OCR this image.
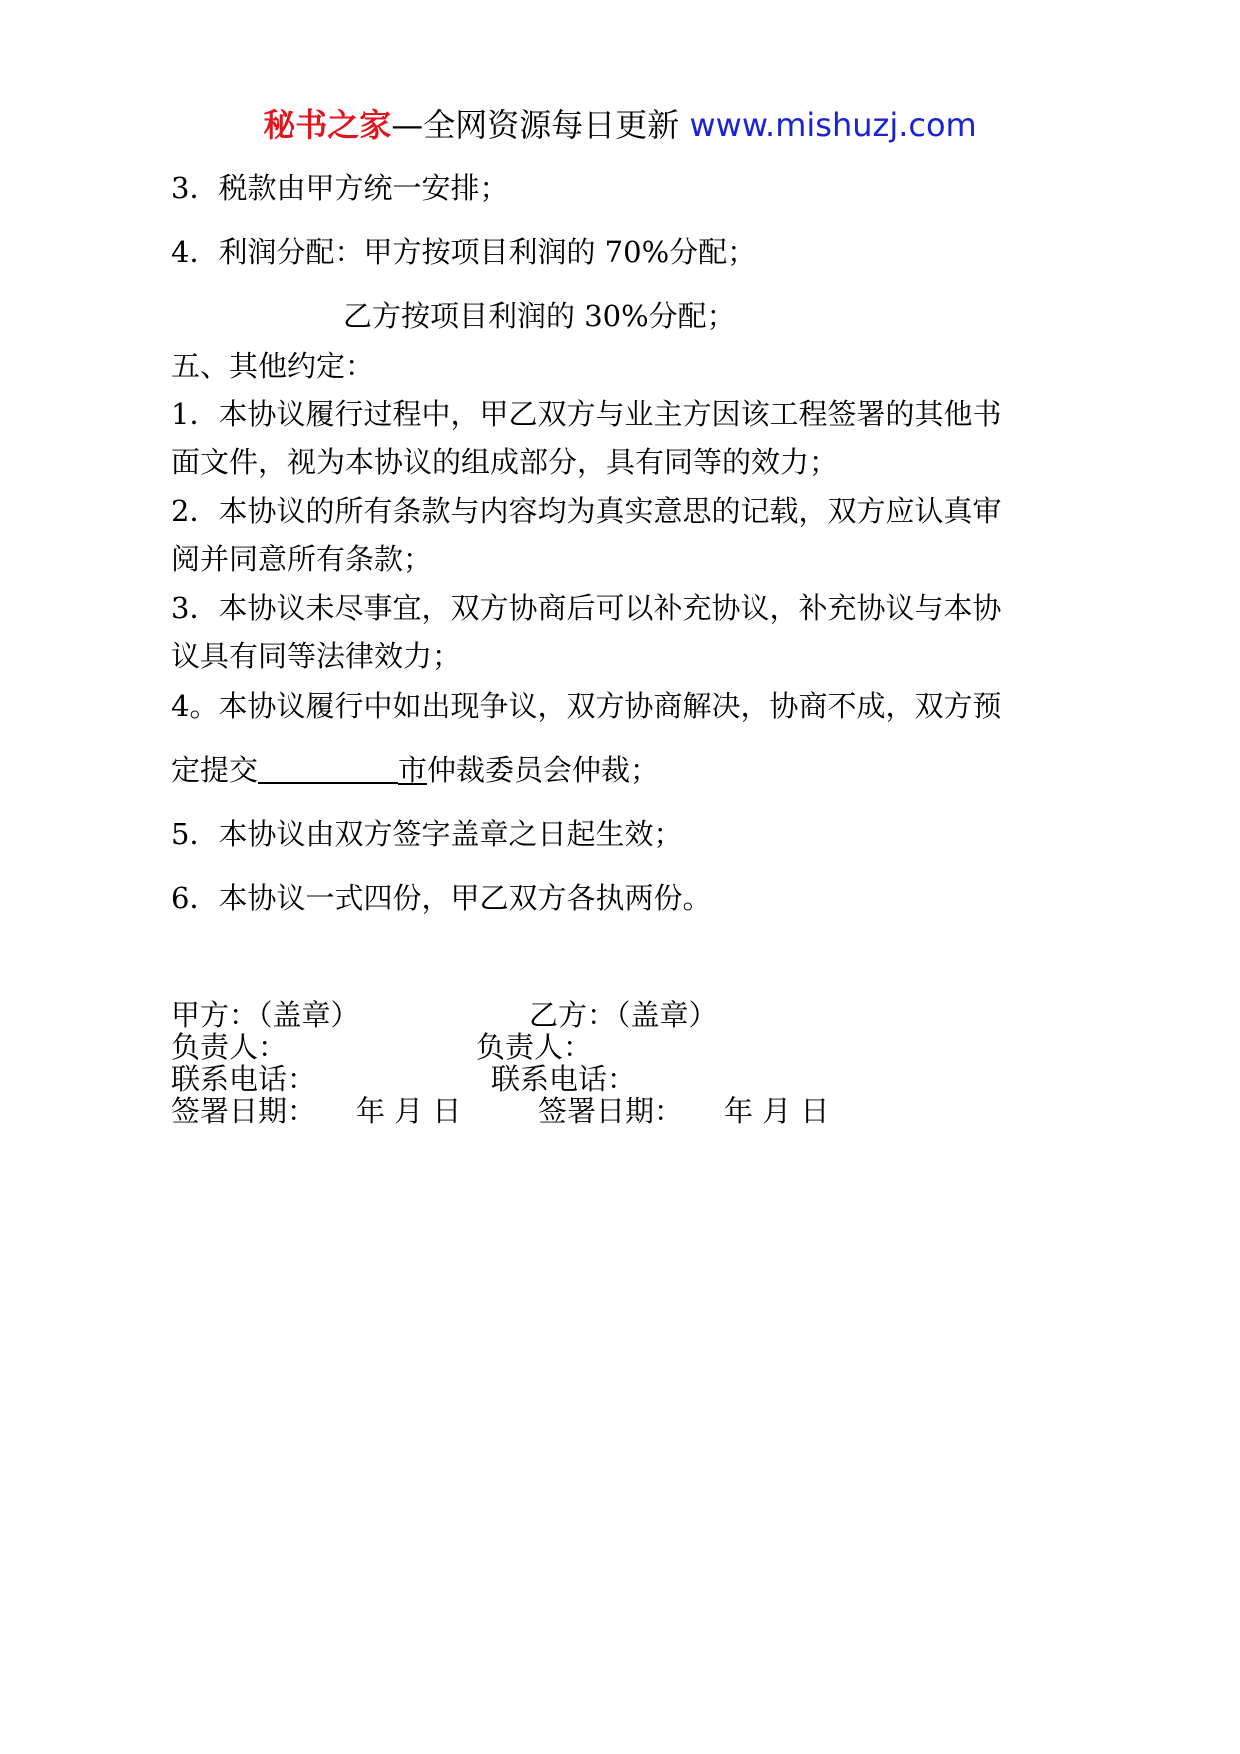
秘书之家—全网资源每日更新 www.mishuzj.com
3．税款由甲方统一安排；
4．利润分配：甲方按项目利润的 70%分配；
乙方按项目利润的 30%分配；
五、其他约定：
1．本协议履行过程中，甲乙双方与业主方因该工程签署的其他书
面文件，视为本协议的组成部分，具有同等的效力；
2．本协议的所有条款与内容均为真实意思的记载，双方应认真审
阅并同意所有条款；
3．本协议未尽事宜，双方协商后可以补充协议，补充协议与本协
议具有同等法律效力；
4。本协议履行中如出现争议，双方协商解决，协商不成，双方预
定提交	市仲裁委员会仲裁；
5．本协议由双方签字盖章之日起生效；
6．本协议一式四份，甲乙双方各执两份。
甲方：（盖章）	乙方：（盖章）
负责人：	负责人：
联系电话：	联系电话：
签署日期： 年 月 日	签署日期： 年 月 日
